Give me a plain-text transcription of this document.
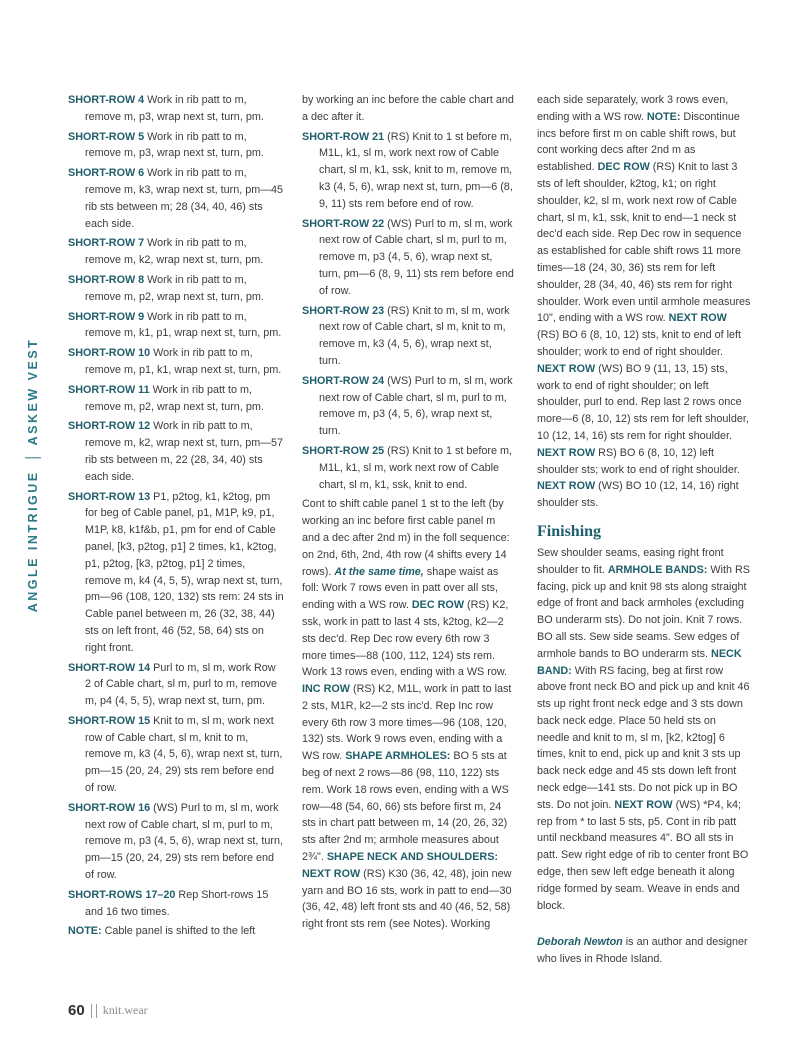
ANGLE INTRIGUE
ASKEW VEST
SHORT-ROW 4 Work in rib patt to m, remove m, p3, wrap next st, turn, pm.
SHORT-ROW 5 Work in rib patt to m, remove m, p3, wrap next st, turn, pm.
SHORT-ROW 6 Work in rib patt to m, remove m, k3, wrap next st, turn, pm—45 rib sts between m; 28 (34, 40, 46) sts each side.
SHORT-ROW 7 Work in rib patt to m, remove m, k2, wrap next st, turn, pm.
SHORT-ROW 8 Work in rib patt to m, remove m, p2, wrap next st, turn, pm.
SHORT-ROW 9 Work in rib patt to m, remove m, k1, p1, wrap next st, turn, pm.
SHORT-ROW 10 Work in rib patt to m, remove m, p1, k1, wrap next st, turn, pm.
SHORT-ROW 11 Work in rib patt to m, remove m, p2, wrap next st, turn, pm.
SHORT-ROW 12 Work in rib patt to m, remove m, k2, wrap next st, turn, pm—57 rib sts between m, 22 (28, 34, 40) sts each side.
SHORT-ROW 13 P1, p2tog, k1, k2tog, pm for beg of Cable panel, p1, M1P, k9, p1, M1P, k8, k1f&b, p1, pm for end of Cable panel, [k3, p2tog, p1] 2 times, k1, k2tog, p1, p2tog, [k3, p2tog, p1] 2 times, remove m, k4 (4, 5, 5), wrap next st, turn, pm—96 (108, 120, 132) sts rem: 24 sts in Cable panel between m, 26 (32, 38, 44) sts on left front, 46 (52, 58, 64) sts on right front.
SHORT-ROW 14 Purl to m, sl m, work Row 2 of Cable chart, sl m, purl to m, remove m, p4 (4, 5, 5), wrap next st, turn, pm.
SHORT-ROW 15 Knit to m, sl m, work next row of Cable chart, sl m, knit to m, remove m, k3 (4, 5, 6), wrap next st, turn, pm—15 (20, 24, 29) sts rem before end of row.
SHORT-ROW 16 (WS) Purl to m, sl m, work next row of Cable chart, sl m, purl to m, remove m, p3 (4, 5, 6), wrap next st, turn, pm—15 (20, 24, 29) sts rem before end of row.
SHORT-ROWS 17–20 Rep Short-rows 15 and 16 two times.
NOTE: Cable panel is shifted to the left
by working an inc before the cable chart and a dec after it.
SHORT-ROW 21 (RS) Knit to 1 st before m, M1L, k1, sl m, work next row of Cable chart, sl m, k1, ssk, knit to m, remove m, k3 (4, 5, 6), wrap next st, turn, pm—6 (8, 9, 11) sts rem before end of row.
SHORT-ROW 22 (WS) Purl to m, sl m, work next row of Cable chart, sl m, purl to m, remove m, p3 (4, 5, 6), wrap next st, turn, pm—6 (8, 9, 11) sts rem before end of row.
SHORT-ROW 23 (RS) Knit to m, sl m, work next row of Cable chart, sl m, knit to m, remove m, k3 (4, 5, 6), wrap next st, turn.
SHORT-ROW 24 (WS) Purl to m, sl m, work next row of Cable chart, sl m, purl to m, remove m, p3 (4, 5, 6), wrap next st, turn.
SHORT-ROW 25 (RS) Knit to 1 st before m, M1L, k1, sl m, work next row of Cable chart, sl m, k1, ssk, knit to end.
Cont to shift cable panel 1 st to the left (by working an inc before first cable panel m and a dec after 2nd m) in the foll sequence: on 2nd, 6th, 2nd, 4th row (4 shifts every 14 rows). At the same time, shape waist as foll: Work 7 rows even in patt over all sts, ending with a WS row. DEC ROW (RS) K2, ssk, work in patt to last 4 sts, k2tog, k2—2 sts dec'd. Rep Dec row every 6th row 3 more times—88 (100, 112, 124) sts rem. Work 13 rows even, ending with a WS row. INC ROW (RS) K2, M1L, work in patt to last 2 sts, M1R, k2—2 sts inc'd. Rep Inc row every 6th row 3 more times—96 (108, 120, 132) sts. Work 9 rows even, ending with a WS row. SHAPE ARMHOLES: BO 5 sts at beg of next 2 rows—86 (98, 110, 122) sts rem. Work 18 rows even, ending with a WS row—48 (54, 60, 66) sts before first m, 24 sts in chart patt between m, 14 (20, 26, 32) sts after 2nd m; armhole measures about 2¾". SHAPE NECK AND SHOULDERS: NEXT ROW (RS) K30 (36, 42, 48), join new yarn and BO 16 sts, work in patt to end—30 (36, 42, 48) left front sts and 40 (46, 52, 58) right front sts rem (see Notes). Working
each side separately, work 3 rows even, ending with a WS row. NOTE: Discontinue incs before first m on cable shift rows, but cont working decs after 2nd m as established. DEC ROW (RS) Knit to last 3 sts of left shoulder, k2tog, k1; on right shoulder, k2, sl m, work next row of Cable chart, sl m, k1, ssk, knit to end—1 neck st dec'd each side. Rep Dec row in sequence as established for cable shift rows 11 more times—18 (24, 30, 36) sts rem for left shoulder, 28 (34, 40, 46) sts rem for right shoulder. Work even until armhole measures 10", ending with a WS row. NEXT ROW (RS) BO 6 (8, 10, 12) sts, knit to end of left shoulder; work to end of right shoulder. NEXT ROW (WS) BO 9 (11, 13, 15) sts, work to end of right shoulder; on left shoulder, purl to end. Rep last 2 rows once more—6 (8, 10, 12) sts rem for left shoulder, 10 (12, 14, 16) sts rem for right shoulder. NEXT ROW RS) BO 6 (8, 10, 12) left shoulder sts; work to end of right shoulder. NEXT ROW (WS) BO 10 (12, 14, 16) right shoulder sts.
Finishing
Sew shoulder seams, easing right front shoulder to fit. ARMHOLE BANDS: With RS facing, pick up and knit 98 sts along straight edge of front and back armholes (excluding BO underarm sts). Do not join. Knit 7 rows. BO all sts. Sew side seams. Sew edges of armhole bands to BO underarm sts. NECK BAND: With RS facing, beg at first row above front neck BO and pick up and knit 46 sts up right front neck edge and 3 sts down back neck edge. Place 50 held sts on needle and knit to m, sl m, [k2, k2tog] 6 times, knit to end, pick up and knit 3 sts up back neck edge and 45 sts down left front neck edge—141 sts. Do not pick up in BO sts. Do not join. NEXT ROW (WS) *P4, k4; rep from * to last 5 sts, p5. Cont in rib patt until neckband measures 4". BO all sts in patt. Sew right edge of rib to center front BO edge, then sew left edge beneath it along ridge formed by seam. Weave in ends and block.
Deborah Newton is an author and designer who lives in Rhode Island.
60 knit.wear
